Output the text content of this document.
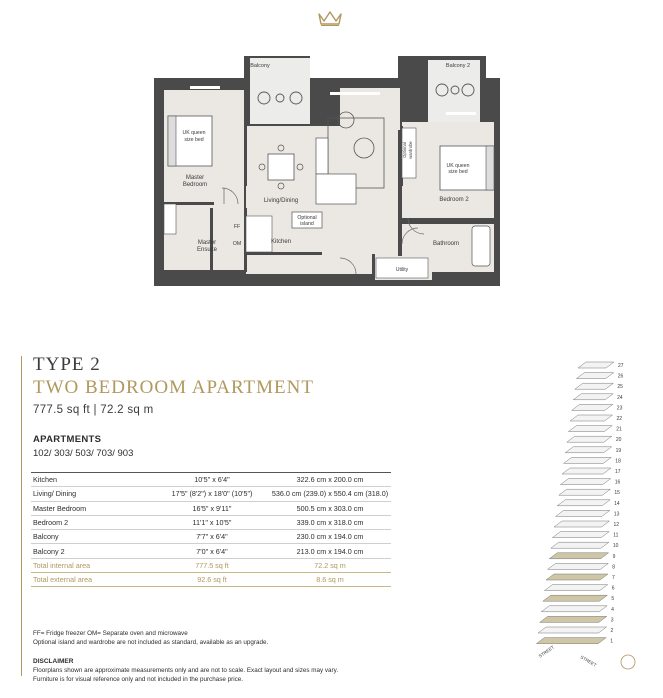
Balcony	Balcony 2
UK queen
size bed
Master
Bedroom
Living/Dining
Optional
island
Kitchen
FF
OM
Master
Ensuite
Optional wardrobe
UK queen
size bed
Bedroom 2
Bathroom
Utility
TYPE 2
TWO BEDROOM APARTMENT
777.5 sq ft | 72.2 sq m
APARTMENTS
102/ 303/ 503/ 703/ 903
Kitchen	10'5" x 6'4"	322.6 cm x 200.0 cm
Living/ Dining	17'5" (8'2") x 18'0" (10'5")	536.0 cm (239.0) x 550.4 cm (318.0)
Master Bedroom	16'5" x 9'11"	500.5 cm x 303.0 cm
Bedroom 2	11'1" x 10'5"	339.0 cm x 318.0 cm
Balcony	7'7" x 6'4"	230.0 cm x 194.0 cm
Balcony 2	7'0" x 6'4"	213.0 cm x 194.0 cm
Total internal area	777.5 sq ft	72.2 sq m
Total external area	92.6 sq ft	8.6 sq m
FF= Fridge freezer OM= Separate oven and microwave
Optional island and wardrobe are not included as standard, available as an upgrade.
DISCLAIMER
Floorplans shown are approximate measurements only and are not to scale. Exact layout and sizes may vary.
Furniture is for visual reference only and not included in the purchase price.
27
26
25
24
23
22
21
20
19
18
17
16
15
14
13
12
11
10
9
8
7
6
5
4
3
2
1
STREET
STREET
